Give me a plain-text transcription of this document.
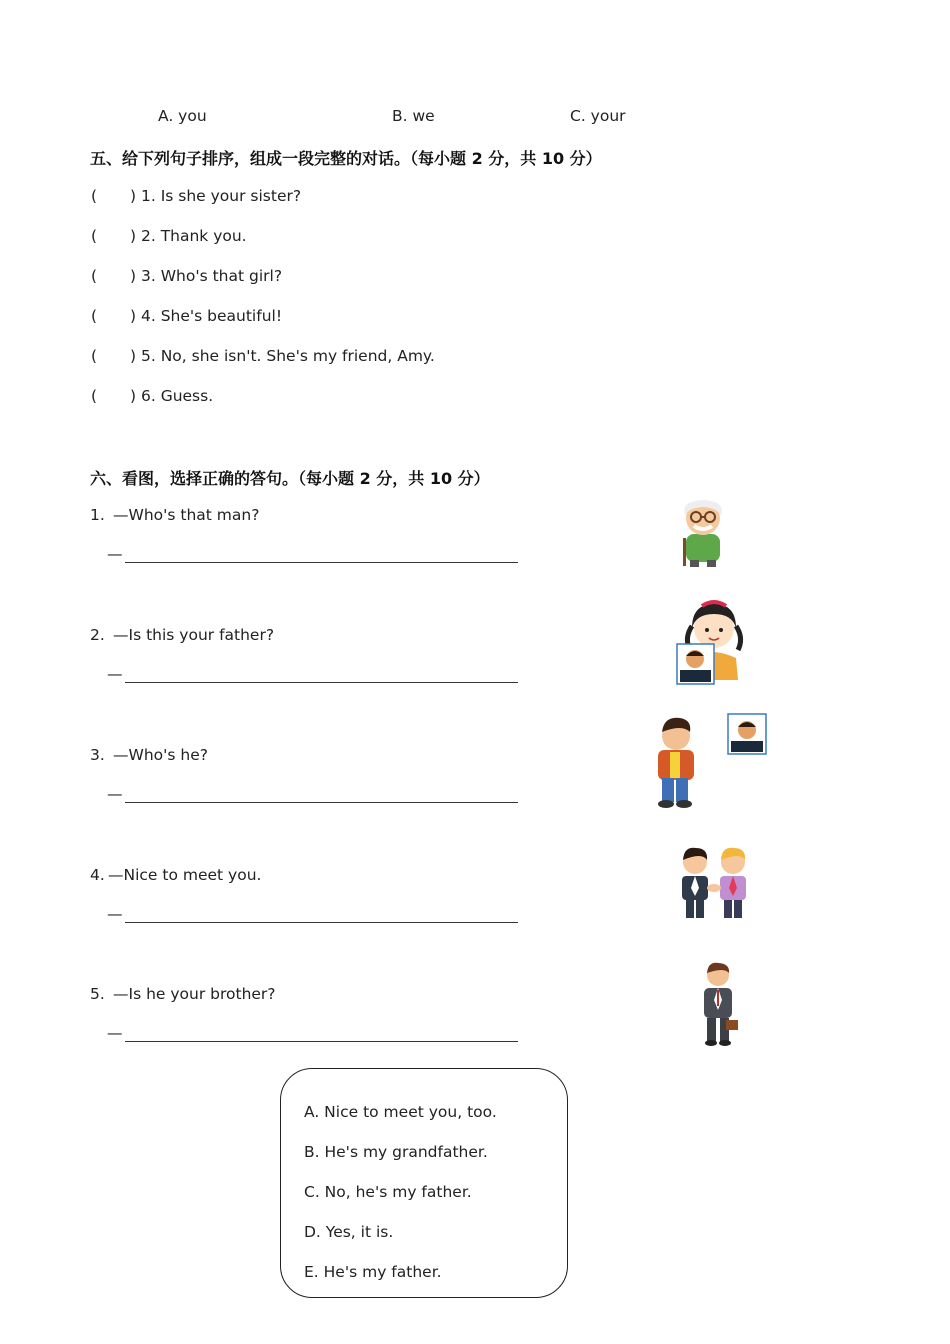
A. you	B. we	C. your
五、给下列句子排序，组成一段完整的对话。（每小题 2 分，共 10 分）
( ) 1. Is she your sister?
( ) 2. Thank you.
( ) 3. Who's that girl?
( ) 4. She's beautiful!
( ) 5. No, she isn't. She's my friend, Amy.
( ) 6. Guess.
六、看图，选择正确的答句。（每小题 2 分，共 10 分）
1. —Who's that man?
—
2. —Is this your father?
—
3. —Who's he?
—
4. —Nice to meet you.
—
5. —Is he your brother?
—
A. Nice to meet you, too.
B. He's my grandfather.
C. No, he's my father.
D. Yes, it is.
E. He's my father.
